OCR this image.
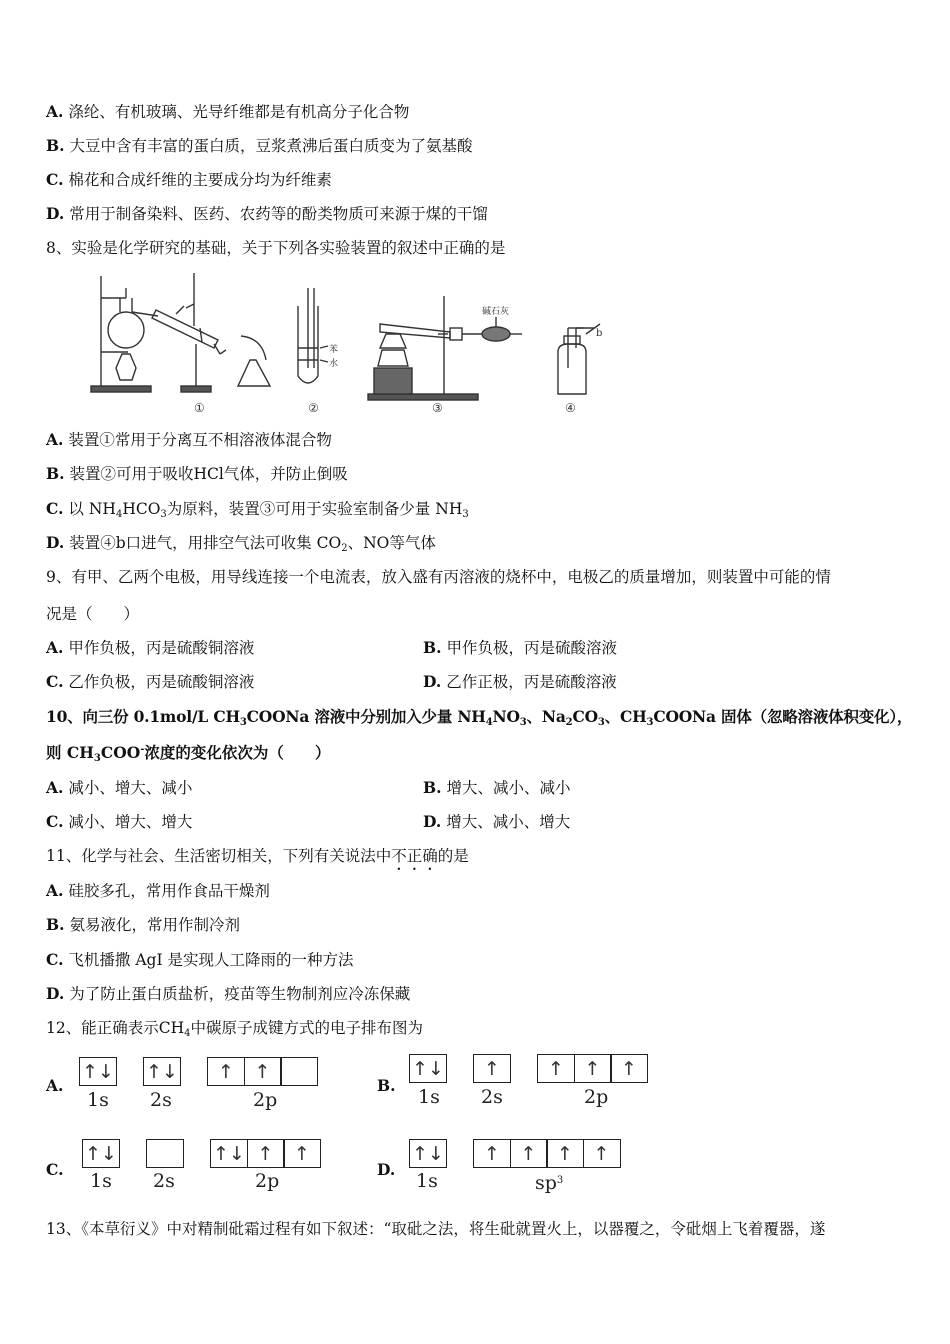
A. 涤纶、有机玻璃、光导纤维都是有机高分子化合物
B. 大豆中含有丰富的蛋白质，豆浆煮沸后蛋白质变为了氨基酸
C. 棉花和合成纤维的主要成分均为纤维素
D. 常用于制备染料、医药、农药等的酚类物质可来源于煤的干馏
8、实验是化学研究的基础，关于下列各实验装置的叙述中正确的是
①
苯
水
②
碱石灰
③
b
④
A. 装置①常用于分离互不相溶液体混合物
B. 装置②可用于吸收HCl气体，并防止倒吸
C. 以 $NH_4HCO_3$为原料，装置③可用于实验室制备少量 $NH_3$
D. 装置④b口进气，用排空气法可收集 $CO_2$、NO等气体
9、有甲、乙两个电极，用导线连接一个电流表，放入盛有丙溶液的烧杯中，电极乙的质量增加，则装置中可能的情
况是（　　）
A. 甲作负极，丙是硫酸铜溶液	B. 甲作负极，丙是硫酸溶液
C. 乙作负极，丙是硫酸铜溶液	D. 乙作正极，丙是硫酸溶液
10、向三份 0.1mol/L $CH_3COONa$ 溶液中分别加入少量 $NH_4NO_3$、$Na_2CO_3$、$CH_3COONa$ 固体（忽略溶液体积变化），
则 $CH_3COO^-$浓度的变化依次为（　　）
A. 减小、增大、减小	B. 增大、减小、减小
C. 减小、增大、增大	D. 增大、减小、增大
11、化学与社会、生活密切相关，下列有关说法中不正确的是
A. 硅胶多孔，常用作食品干燥剂
B. 氨易液化，常用作制冷剂
C. 飞机播撒 AgI 是实现人工降雨的一种方法
D. 为了防止蛋白质盐析，疫苗等生物制剂应冷冻保藏
12、能正确表示$CH_4$中碳原子成键方式的电子排布图为
A.
↑↓
1s
↑↓
2s
↑	↑
2p
B.
↑↓
1s
↑
2s
↑	↑	↑
2p
C.
↑↓
1s 2s
↑↓ ↑	↑
2p
D.
↑↓
1s
↑	↑	↑	↑
$sp^3$
13、《本草衍义》中对精制砒霜过程有如下叙述：“取砒之法，将生砒就置火上，以器覆之，令砒烟上飞着覆器，遂
